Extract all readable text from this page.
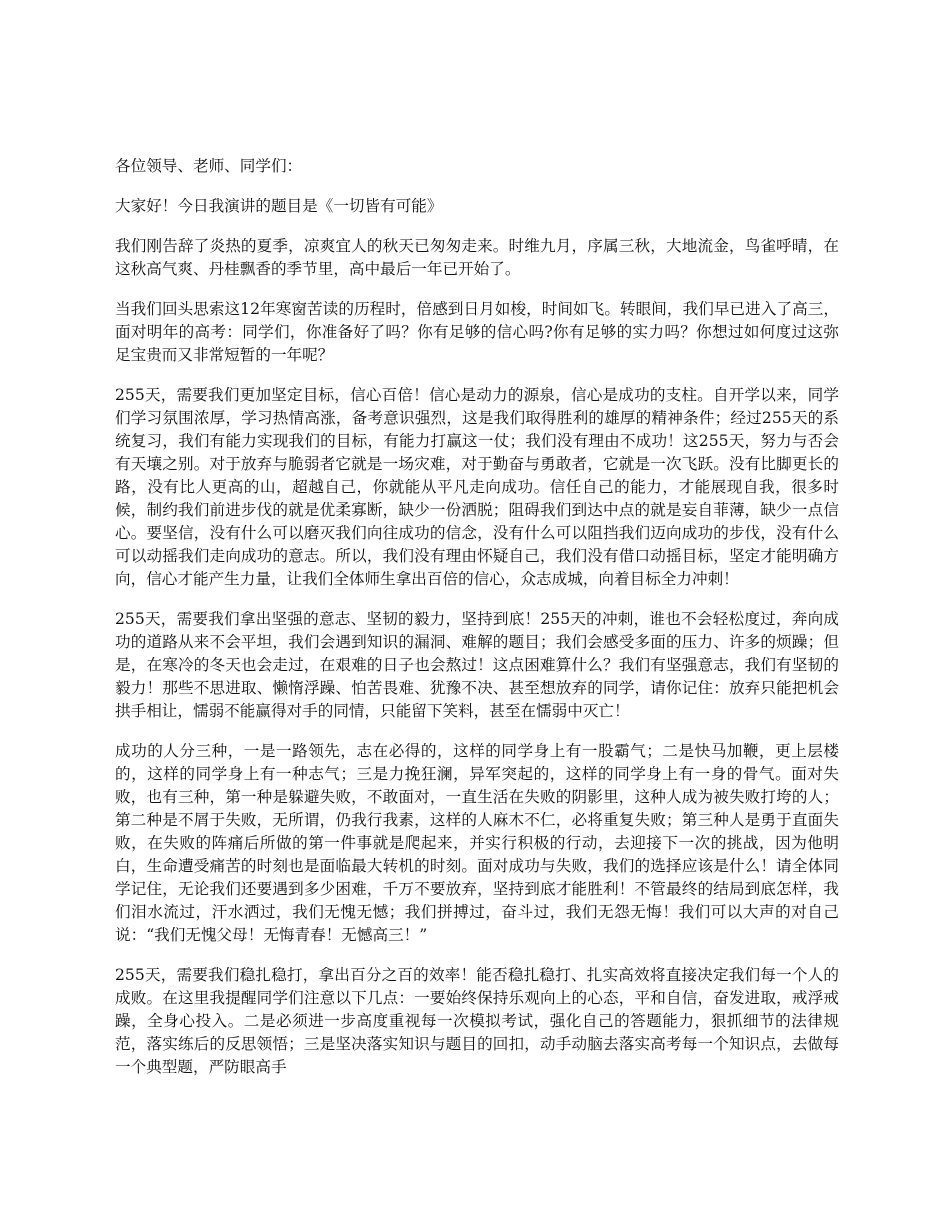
各位领导、老师、同学们：

大家好！今日我演讲的题目是《一切皆有可能》

我们刚告辞了炎热的夏季，凉爽宜人的秋天已匆匆走来。时维九月，序属三秋，大地流金，鸟雀呼晴，在这秋高气爽、丹桂飘香的季节里，高中最后一年已开始了。

当我们回头思索这12年寒窗苦读的历程时，倍感到日月如梭，时间如飞。转眼间，我们早已进入了高三，面对明年的高考：同学们，你准备好了吗？你有足够的信心吗?你有足够的实力吗？你想过如何度过这弥足宝贵而又非常短暂的一年呢？

255天，需要我们更加坚定目标，信心百倍！信心是动力的源泉，信心是成功的支柱。自开学以来，同学们学习氛围浓厚，学习热情高涨，备考意识强烈，这是我们取得胜利的雄厚的精神条件；经过255天的系统复习，我们有能力实现我们的目标，有能力打赢这一仗；我们没有理由不成功！这255天，努力与否会有天壤之别。对于放弃与脆弱者它就是一场灾难，对于勤奋与勇敢者，它就是一次飞跃。没有比脚更长的路，没有比人更高的山，超越自己，你就能从平凡走向成功。信任自己的能力，才能展现自我，很多时候，制约我们前进步伐的就是优柔寡断，缺少一份洒脱；阻碍我们到达中点的就是妄自菲薄，缺少一点信心。要坚信，没有什么可以磨灭我们向往成功的信念，没有什么可以阻挡我们迈向成功的步伐，没有什么可以动摇我们走向成功的意志。所以，我们没有理由怀疑自己，我们没有借口动摇目标，坚定才能明确方向，信心才能产生力量，让我们全体师生拿出百倍的信心，众志成城，向着目标全力冲刺！

255天，需要我们拿出坚强的意志、坚韧的毅力，坚持到底！255天的冲刺，谁也不会轻松度过，奔向成功的道路从来不会平坦，我们会遇到知识的漏洞、难解的题目；我们会感受多面的压力、许多的烦躁；但是，在寒冷的冬天也会走过，在艰难的日子也会熬过！这点困难算什么？我们有坚强意志，我们有坚韧的毅力！那些不思进取、懒惰浮躁、怕苦畏难、犹豫不决、甚至想放弃的同学，请你记住：放弃只能把机会拱手相让，懦弱不能赢得对手的同情，只能留下笑料，甚至在懦弱中灭亡！

成功的人分三种，一是一路领先，志在必得的，这样的同学身上有一股霸气；二是快马加鞭，更上层楼的，这样的同学身上有一种志气；三是力挽狂澜，异军突起的，这样的同学身上有一身的骨气。面对失败，也有三种，第一种是躲避失败，不敢面对，一直生活在失败的阴影里，这种人成为被失败打垮的人；第二种是不屑于失败，无所谓，仍我行我素，这样的人麻木不仁，必将重复失败；第三种人是勇于直面失败，在失败的阵痛后所做的第一件事就是爬起来，并实行积极的行动，去迎接下一次的挑战，因为他明白，生命遭受痛苦的时刻也是面临最大转机的时刻。面对成功与失败，我们的选择应该是什么！请全体同学记住，无论我们还要遇到多少困难，千万不要放弃，坚持到底才能胜利！不管最终的结局到底怎样，我们泪水流过，汗水洒过，我们无愧无憾；我们拼搏过，奋斗过，我们无怨无悔！我们可以大声的对自己说：“我们无愧父母！无悔青春！无憾高三！”

255天，需要我们稳扎稳打，拿出百分之百的效率！能否稳扎稳打、扎实高效将直接决定我们每一个人的成败。在这里我提醒同学们注意以下几点：一要始终保持乐观向上的心态，平和自信，奋发进取，戒浮戒躁，全身心投入。二是必须进一步高度重视每一次模拟考试，强化自己的答题能力，狠抓细节的法律规范，落实练后的反思领悟；三是坚决落实知识与题目的回扣，动手动脑去落实高考每一个知识点，去做每一个典型题，严防眼高手
